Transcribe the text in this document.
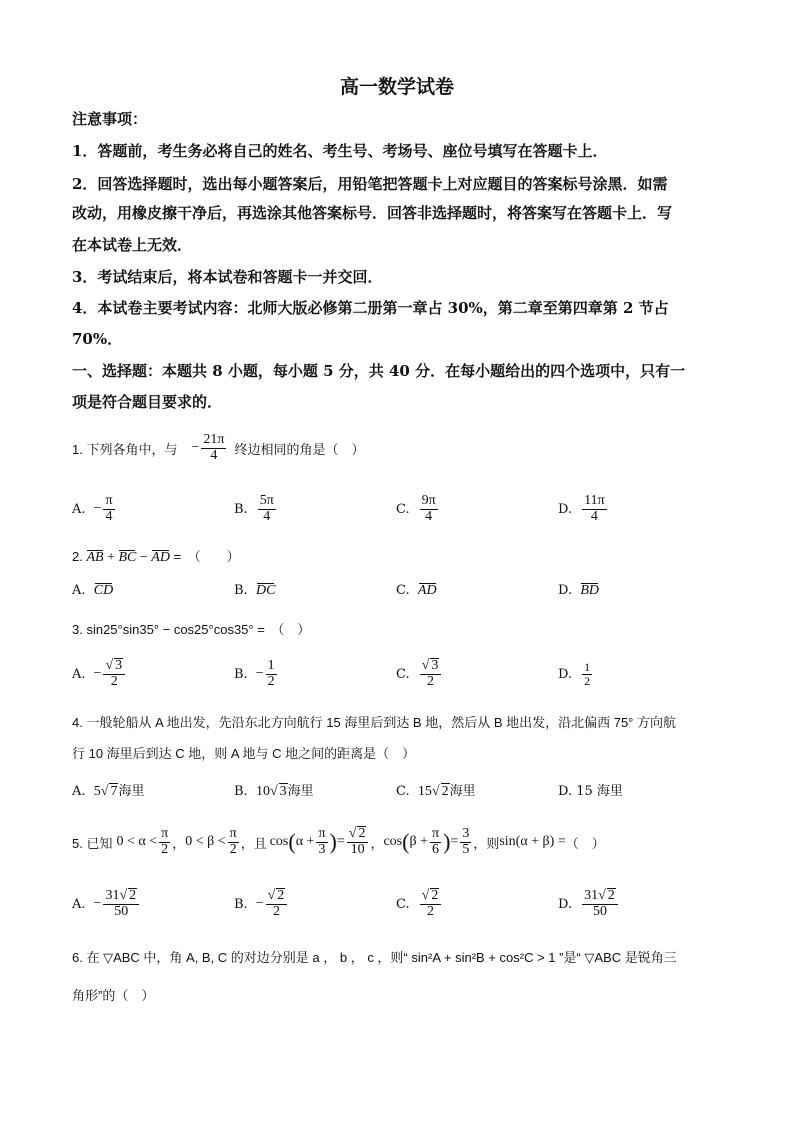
高一数学试卷
注意事项：
1．答题前，考生务必将自己的姓名、考生号、考场号、座位号填写在答题卡上．
2．回答选择题时，选出每小题答案后，用铅笔把答题卡上对应题目的答案标号涂黑．如需
改动，用橡皮擦干净后，再选涂其他答案标号．回答非选择题时，将答案写在答题卡上．写
在本试卷上无效．
3．考试结束后，将本试卷和答题卡一并交回．
4．本试卷主要考试内容：北师大版必修第二册第一章占 30%，第二章至第四章第 2 节占
70%．
一、选择题：本题共 8 小题，每小题 5 分，共 40 分．在每小题给出的四个选项中，只有一
项是符合题目要求的．
1. 下列各角中，与 − $\frac{21\pi}{4}$ 终边相同的角是（　）
A. − $\frac{\pi}{4}$	B. $\frac{5\pi}{4}$	C. $\frac{9\pi}{4}$	D. $\frac{11\pi}{4}$
2. AB + BC − AD =　（　　）
A. CD	B. DC	C. AD	D. BD
3. sin25°sin35° − cos25°cos35° =　（　）
A. − $\frac{√ 3}{2}$	B. − $\frac{1}{2}$	C. $\frac{√ 3}{2}$	D. $\frac{1}{2}$
4. 一般轮船从 A 地出发，先沿东北方向航行 15 海里后到达 B 地，然后从 B 地出发，沿北偏西 75° 方向航
行 10 海里后到达 C 地，则 A 地与 C 地之间的距离是（　）
A. 5√ 7海里	B. 10√ 3海里	C. 15√ 2海里	D. 15 海里
5. 已知 $0 < \alpha < \frac{\pi}{2}$ ， $0 < \beta < \frac{\pi}{2}$ ，且 cos ( $\alpha + \frac{\pi}{3}$ ) = $\frac{√ 2}{10}$ ， cos ( $\beta + \frac{\pi}{6}$ ) = $\frac{3}{5}$ ，则 sin(α + β) = （　）
A. − $\frac{31√ 2}{50}$	B. − $\frac{√ 2}{2}$	C. $\frac{√ 2}{2}$	D. $\frac{31√ 2}{50}$
6. 在 ▽ABC 中，角 A, B, C 的对边分别是 a ， b ， c ，则“ sin²A + sin²B + cos²C > 1 ”是“ ▽ABC 是锐角三
角形”的（　）
